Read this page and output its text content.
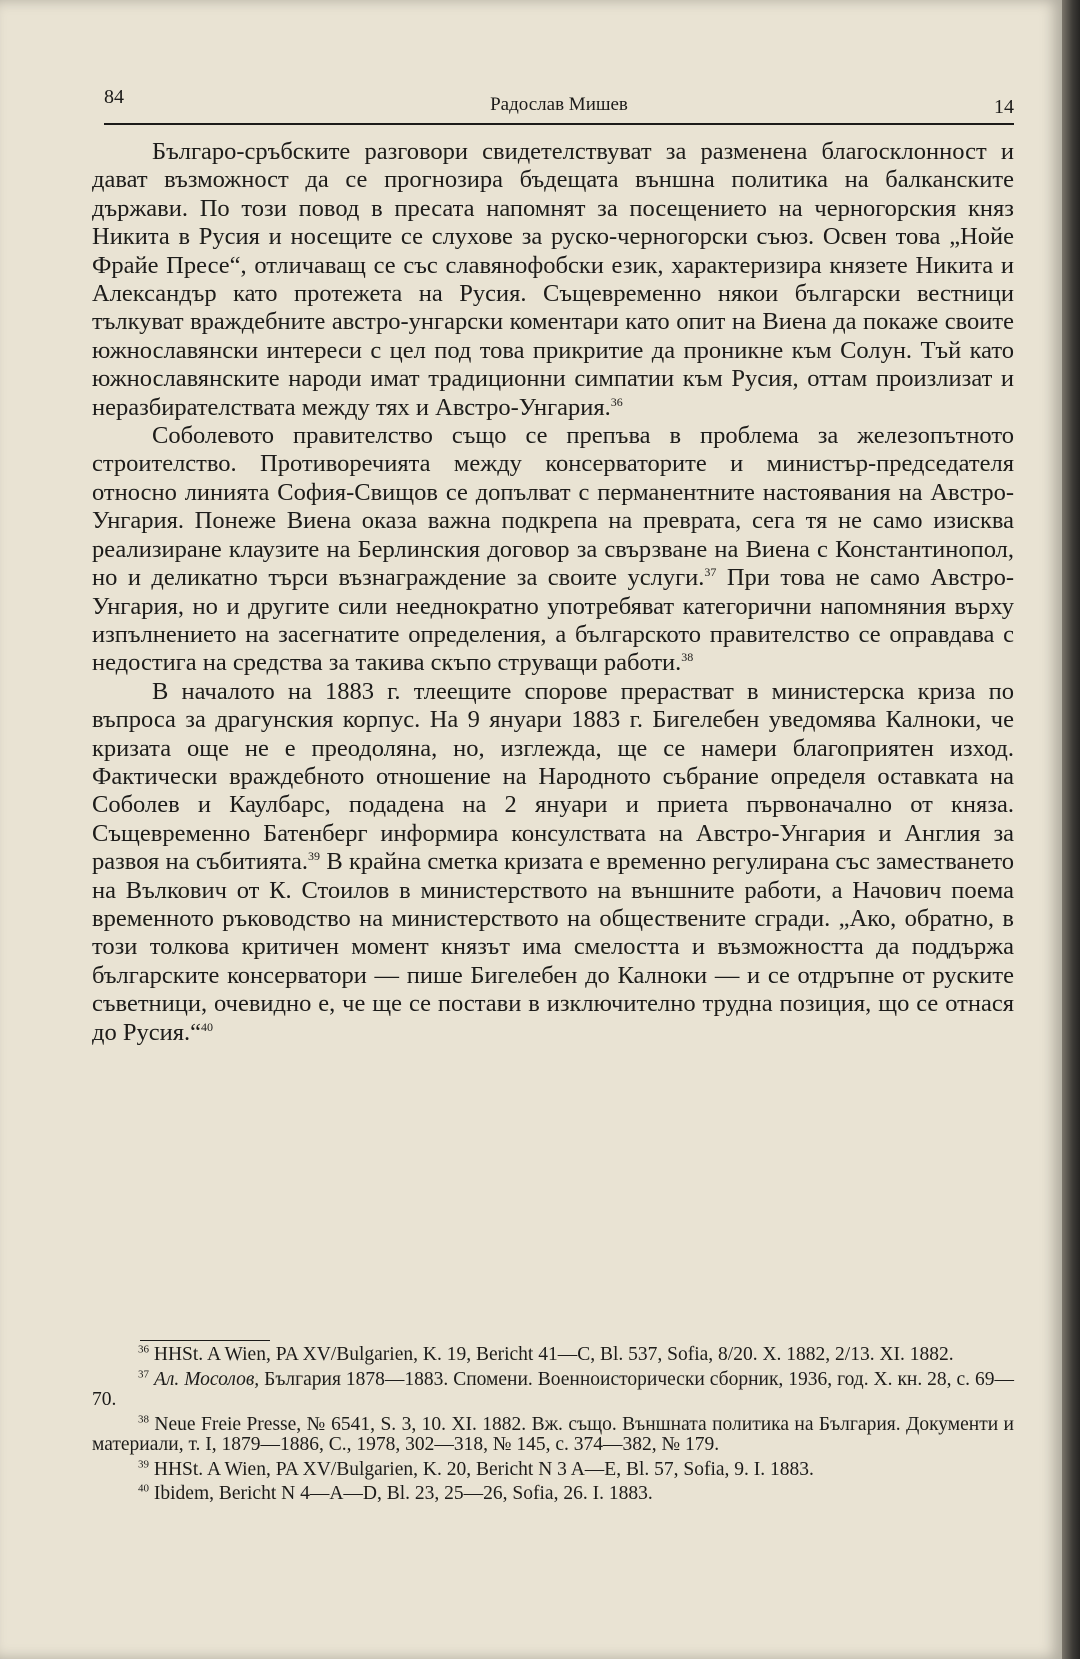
84	Радослав Мишев	14

Българо-сръбските разговори свидетелствуват за разменена благосклонност и дават възможност да се прогнозира бъдещата външна политика на балканските държави. По този повод в пресата напомнят за посещението на черногорския княз Никита в Русия и носещите се слухове за руско-черногорски съюз. Освен това „Нойе Фрайе Пресе“, отличаващ се със славянофобски език, характеризира князете Никита и Александър като протежета на Русия. Същевременно някои български вестници тълкуват враждебните австро-унгарски коментари като опит на Виена да покаже своите южнославянски интереси с цел под това прикритие да проникне към Солун. Тъй като южнославянските народи имат традиционни симпатии към Русия, оттам произлизат и неразбирателствата между тях и Австро-Унгария.$^{36}$

Соболевото правителство също се препъва в проблема за железопътното строителство. Противоречията между консерваторите и министър-председателя относно линията София-Свищов се допълват с перманентните настоявания на Австро-Унгария. Понеже Виена оказа важна подкрепа на преврата, сега тя не само изисква реализиране клаузите на Берлинския договор за свързване на Виена с Константинопол, но и деликатно търси възнаграждение за своите услуги.$^{37}$ При това не само Австро-Унгария, но и другите сили нееднократно употребяват категорични напомняния върху изпълнението на засегнатите определения, а българското правителство се оправдава с недостига на средства за такива скъпо струващи работи.$^{38}$

В началото на 1883 г. тлеещите спорове прерастват в министерска криза по въпроса за драгунския корпус. На 9 януари 1883 г. Бигелебен уведомява Калноки, че кризата още не е преодоляна, но, изглежда, ще се намери благоприятен изход. Фактически враждебното отношение на Народното събрание определя оставката на Соболев и Каулбарс, подадена на 2 януари и приета първоначално от княза. Същевременно Батенберг информира консулствата на Австро-Унгария и Англия за развоя на събитията.$^{39}$ В крайна сметка кризата е временно регулирана със заместването на Вълкович от К. Стоилов в министерството на външните работи, а Начович поема временното ръководство на министерството на обществените сгради. „Ако, обратно, в този толкова критичен момент князът има смелостта и възможността да поддържа българските консерватори — пише Бигелебен до Калноки — и се отдръпне от руските съветници, очевидно е, че ще се постави в изключително трудна позиция, що се отнася до Русия.“$^{40}$

$^{36}$ HHSt. A Wien, PA XV/Bulgarien, K. 19, Bericht 41—C, Bl. 537, Sofia, 8/20. X. 1882, 2/13. XI. 1882.

$^{37}$ Ал. Мосолов, България 1878—1883. Спомени. Военноисторически сборник, 1936, год. X. кн. 28, с. 69—70.

$^{38}$ Neue Freie Presse, № 6541, S. 3, 10. XI. 1882. Вж. също. Външната политика на България. Документи и материали, т. I, 1879—1886, С., 1978, 302—318, № 145, с. 374—382, № 179.

$^{39}$ HHSt. A Wien, PA XV/Bulgarien, K. 20, Bericht N 3 A—E, Bl. 57, Sofia, 9. I. 1883.

$^{40}$ Ibidem, Bericht N 4—A—D, Bl. 23, 25—26, Sofia, 26. I. 1883.
